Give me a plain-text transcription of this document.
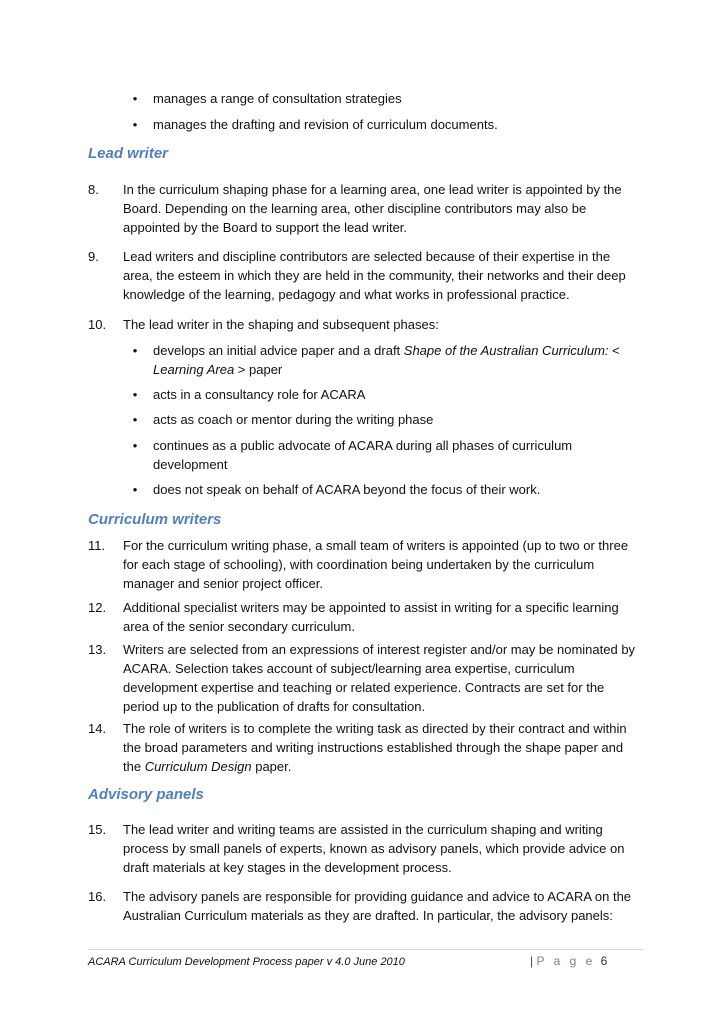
• manages a range of consultation strategies
• manages the drafting and revision of curriculum documents.
Lead writer
8.	In the curriculum shaping phase for a learning area, one lead writer is appointed by the Board. Depending on the learning area, other discipline contributors may also be appointed by the Board to support the lead writer.
9.	Lead writers and discipline contributors are selected because of their expertise in the area, the esteem in which they are held in the community, their networks and their deep knowledge of the learning, pedagogy and what works in professional practice.
10.	The lead writer in the shaping and subsequent phases:
• develops an initial advice paper and a draft Shape of the Australian Curriculum: < Learning Area > paper
• acts in a consultancy role for ACARA
• acts as coach or mentor during the writing phase
• continues as a public advocate of ACARA during all phases of curriculum development
• does not speak on behalf of ACARA beyond the focus of their work.
Curriculum writers
11.	For the curriculum writing phase, a small team of writers is appointed (up to two or three for each stage of schooling), with coordination being undertaken by the curriculum manager and senior project officer.
12.	Additional specialist writers may be appointed to assist in writing for a specific learning area of the senior secondary curriculum.
13.	Writers are selected from an expressions of interest register and/or may be nominated by ACARA. Selection takes account of subject/learning area expertise, curriculum development expertise and teaching or related experience. Contracts are set for the period up to the publication of drafts for consultation.
14.	The role of writers is to complete the writing task as directed by their contract and within the broad parameters and writing instructions established through the shape paper and the Curriculum Design paper.
Advisory panels
15.	The lead writer and writing teams are assisted in the curriculum shaping and writing process by small panels of experts, known as advisory panels, which provide advice on draft materials at key stages in the development process.
16.	The advisory panels are responsible for providing guidance and advice to ACARA on the Australian Curriculum materials as they are drafted. In particular, the advisory panels:
ACARA Curriculum Development Process paper v 4.0 June 2010	| P a g e 6
